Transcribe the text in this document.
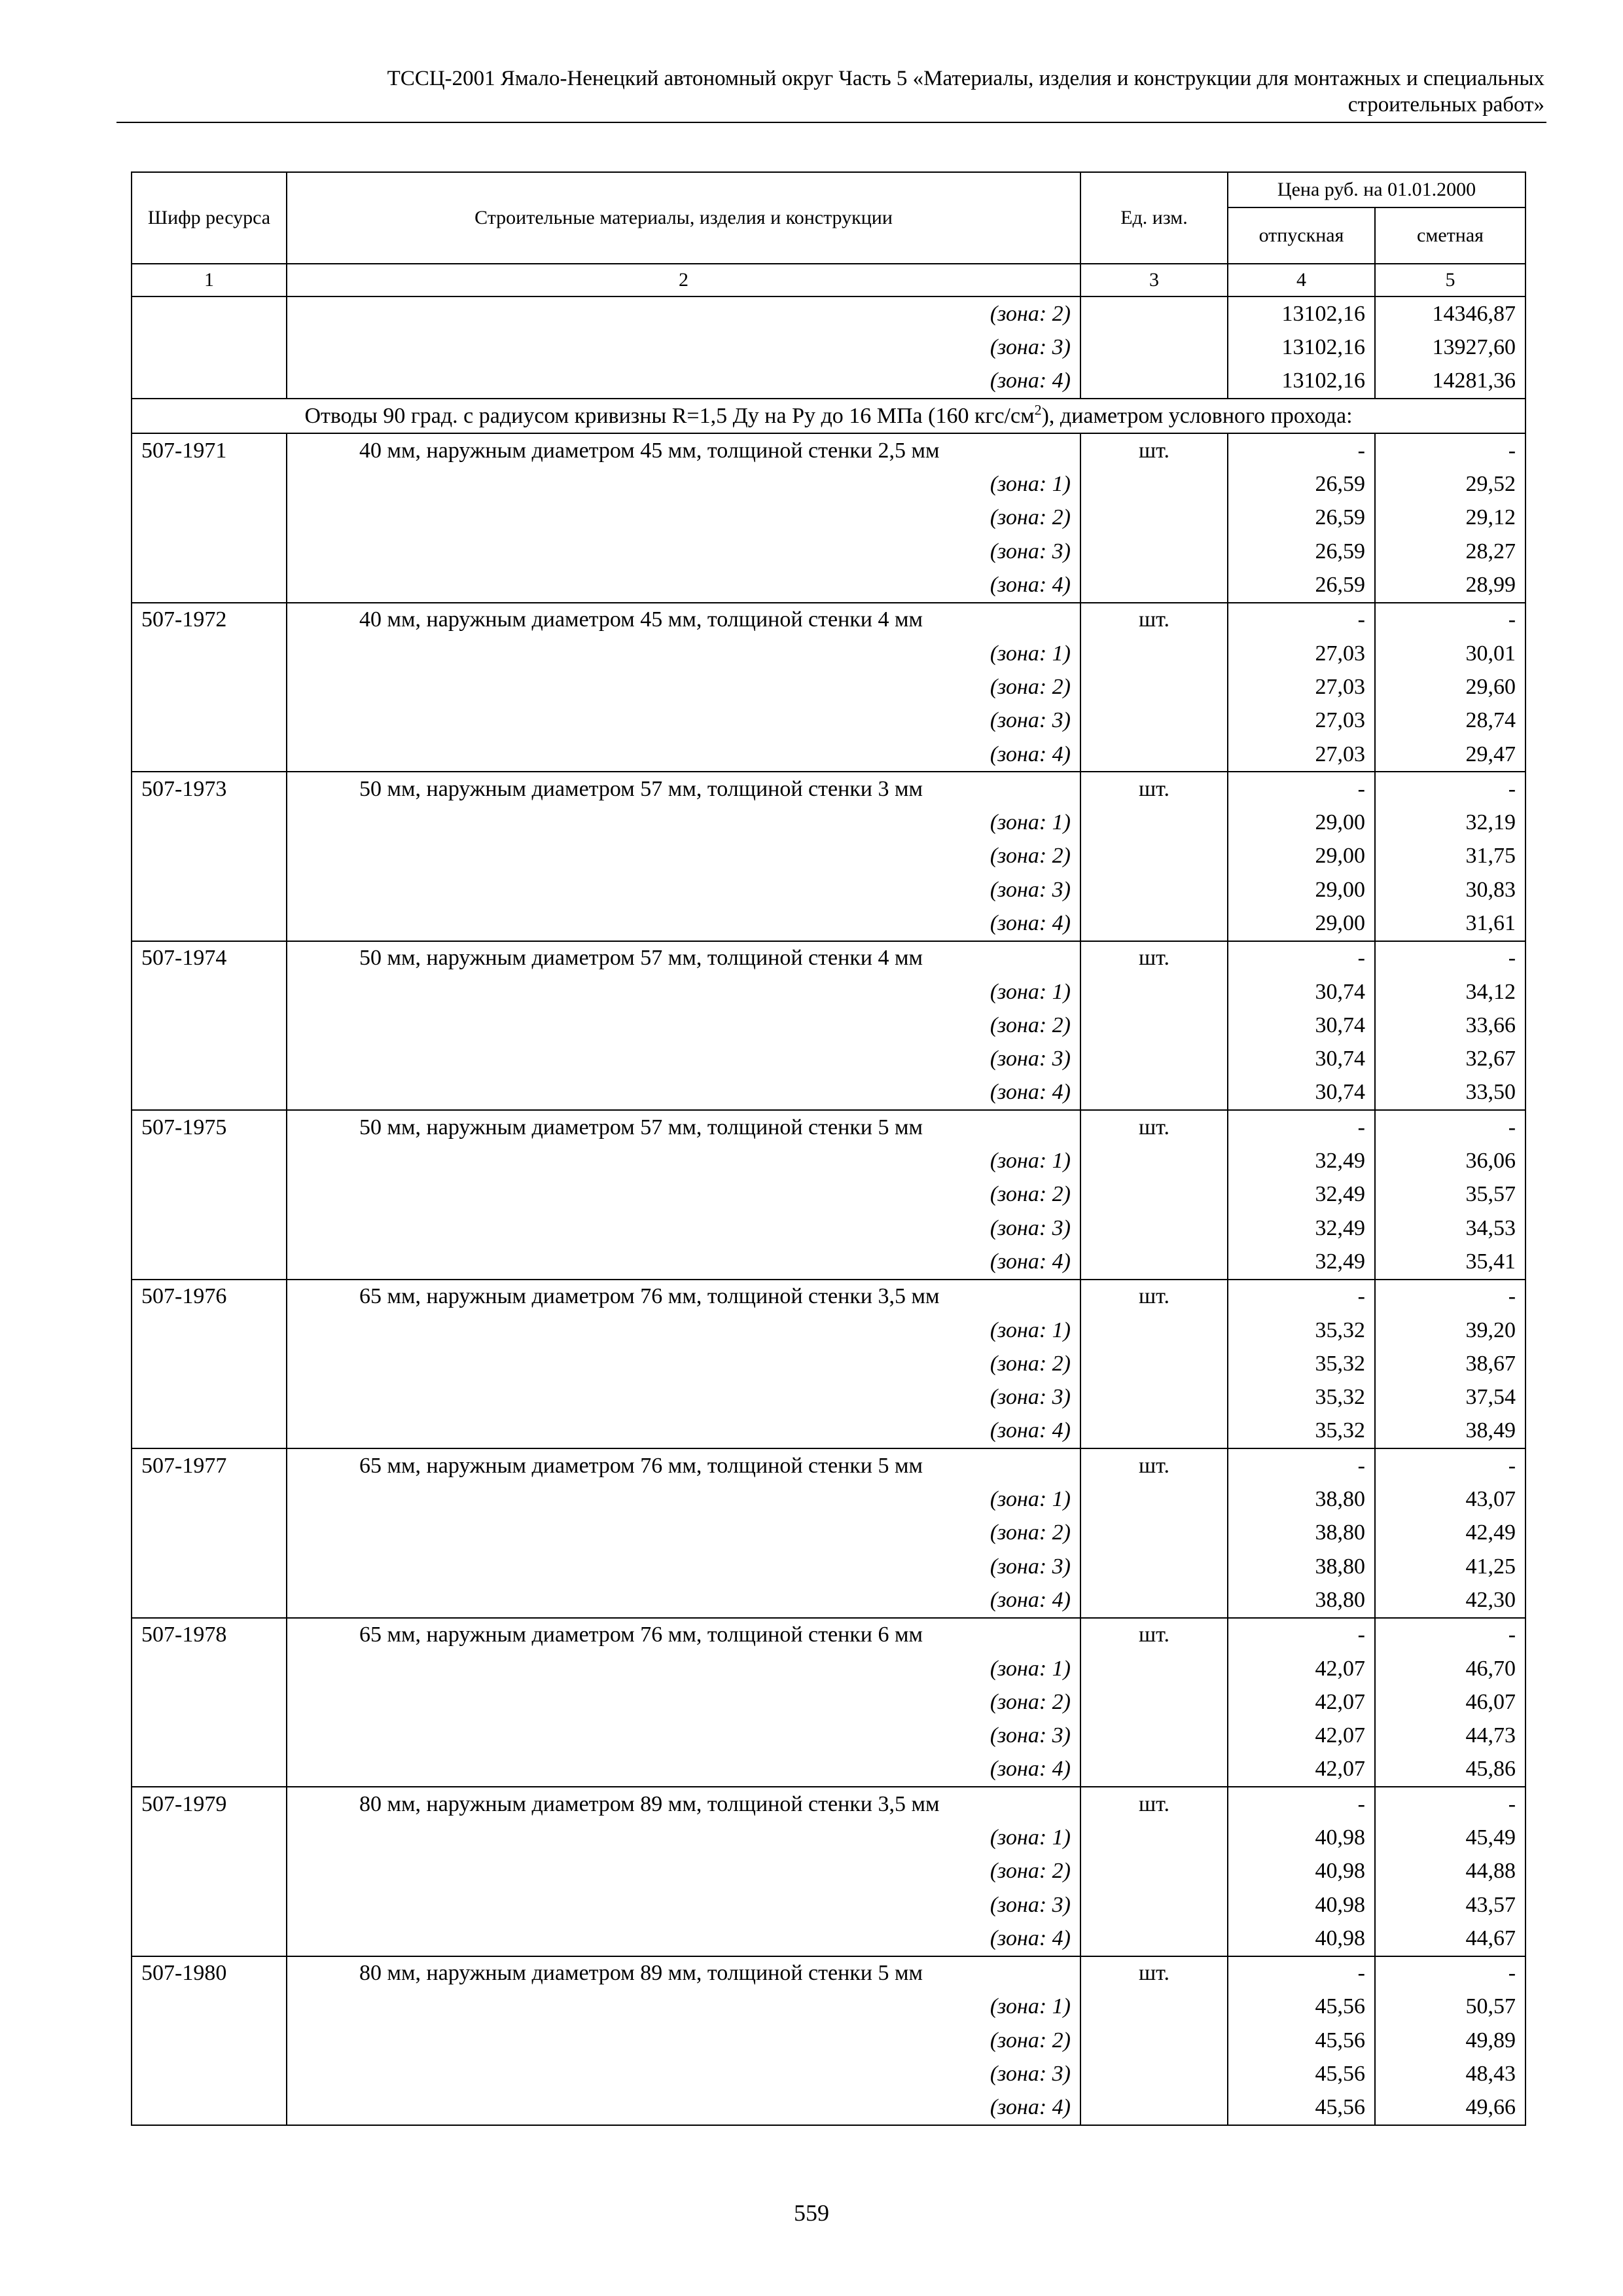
ТССЦ-2001 Ямало-Ненецкий автономный округ Часть 5 «Материалы, изделия и конструкции для монтажных и специальных
строительных работ»
Шифр ресурса	Строительные материалы, изделия и конструкции	Ед. изм.	Цена руб. на 01.01.2000	
			отпускная	сметная
1	2	3	4	5
	(зона: 2)		13102,16	14346,87
	(зона: 3)		13102,16	13927,60
	(зона: 4)		13102,16	14281,36
Отводы 90 град. с радиусом кривизны R=1,5 Ду на Ру до 16 МПа (160 кгс/$см^2$), диаметром условного прохода:				
507-1971	40 мм, наружным диаметром 45 мм, толщиной стенки 2,5 мм	шт.	-	-
	(зона: 1)		26,59	29,52
	(зона: 2)		26,59	29,12
	(зона: 3)		26,59	28,27
	(зона: 4)		26,59	28,99
507-1972	40 мм, наружным диаметром 45 мм, толщиной стенки 4 мм	шт.	-	-
	(зона: 1)		27,03	30,01
	(зона: 2)		27,03	29,60
	(зона: 3)		27,03	28,74
	(зона: 4)		27,03	29,47
507-1973	50 мм, наружным диаметром 57 мм, толщиной стенки 3 мм	шт.	-	-
	(зона: 1)		29,00	32,19
	(зона: 2)		29,00	31,75
	(зона: 3)		29,00	30,83
	(зона: 4)		29,00	31,61
507-1974	50 мм, наружным диаметром 57 мм, толщиной стенки 4 мм	шт.	-	-
	(зона: 1)		30,74	34,12
	(зона: 2)		30,74	33,66
	(зона: 3)		30,74	32,67
	(зона: 4)		30,74	33,50
507-1975	50 мм, наружным диаметром 57 мм, толщиной стенки 5 мм	шт.	-	-
	(зона: 1)		32,49	36,06
	(зона: 2)		32,49	35,57
	(зона: 3)		32,49	34,53
	(зона: 4)		32,49	35,41
507-1976	65 мм, наружным диаметром 76 мм, толщиной стенки 3,5 мм	шт.	-	-
	(зона: 1)		35,32	39,20
	(зона: 2)		35,32	38,67
	(зона: 3)		35,32	37,54
	(зона: 4)		35,32	38,49
507-1977	65 мм, наружным диаметром 76 мм, толщиной стенки 5 мм	шт.	-	-
	(зона: 1)		38,80	43,07
	(зона: 2)		38,80	42,49
	(зона: 3)		38,80	41,25
	(зона: 4)		38,80	42,30
507-1978	65 мм, наружным диаметром 76 мм, толщиной стенки 6 мм	шт.	-	-
	(зона: 1)		42,07	46,70
	(зона: 2)		42,07	46,07
	(зона: 3)		42,07	44,73
	(зона: 4)		42,07	45,86
507-1979	80 мм, наружным диаметром 89 мм, толщиной стенки 3,5 мм	шт.	-	-
	(зона: 1)		40,98	45,49
	(зона: 2)		40,98	44,88
	(зона: 3)		40,98	43,57
	(зона: 4)		40,98	44,67
507-1980	80 мм, наружным диаметром 89 мм, толщиной стенки 5 мм	шт.	-	-
	(зона: 1)		45,56	50,57
	(зона: 2)		45,56	49,89
	(зона: 3)		45,56	48,43
	(зона: 4)		45,56	49,66
559
